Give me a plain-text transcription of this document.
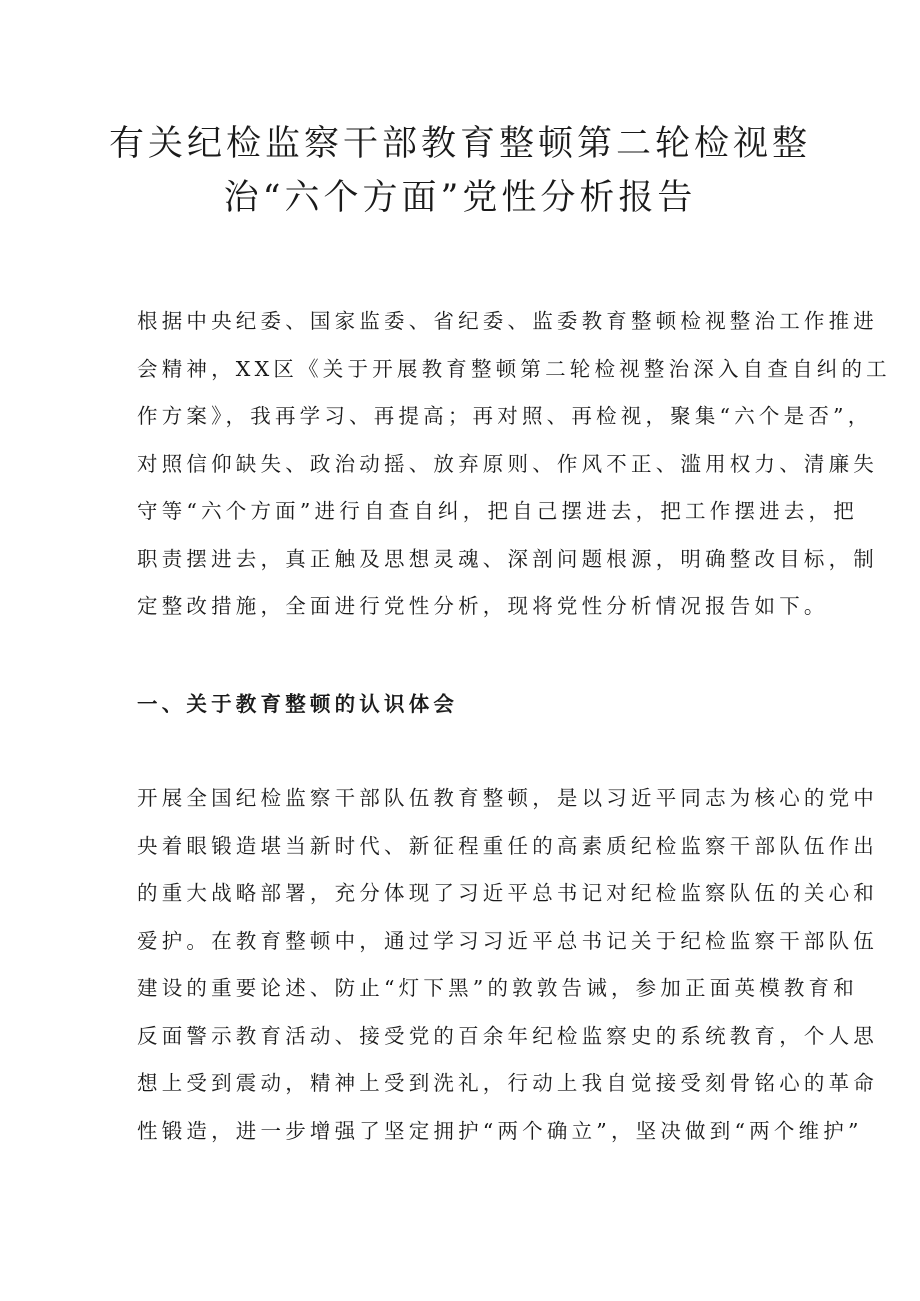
有关纪检监察干部教育整顿第二轮检视整
治“六个方面”党性分析报告

根据中央纪委、国家监委、省纪委、监委教育整顿检视整治工作推进
会精神，XX区《关于开展教育整顿第二轮检视整治深入自查自纠的工
作方案》，我再学习、再提高；再对照、再检视，聚集“六个是否”，
对照信仰缺失、政治动摇、放弃原则、作风不正、滥用权力、清廉失
守等“六个方面”进行自查自纠，把自己摆进去，把工作摆进去，把
职责摆进去，真正触及思想灵魂、深剖问题根源，明确整改目标，制
定整改措施，全面进行党性分析，现将党性分析情况报告如下。

一、关于教育整顿的认识体会

开展全国纪检监察干部队伍教育整顿，是以习近平同志为核心的党中
央着眼锻造堪当新时代、新征程重任的高素质纪检监察干部队伍作出
的重大战略部署，充分体现了习近平总书记对纪检监察队伍的关心和
爱护。在教育整顿中，通过学习习近平总书记关于纪检监察干部队伍
建设的重要论述、防止“灯下黑”的敦敦告诫，参加正面英模教育和
反面警示教育活动、接受党的百余年纪检监察史的系统教育，个人思
想上受到震动，精神上受到洗礼，行动上我自觉接受刻骨铭心的革命
性锻造，进一步增强了坚定拥护“两个确立”，坚决做到“两个维护”
